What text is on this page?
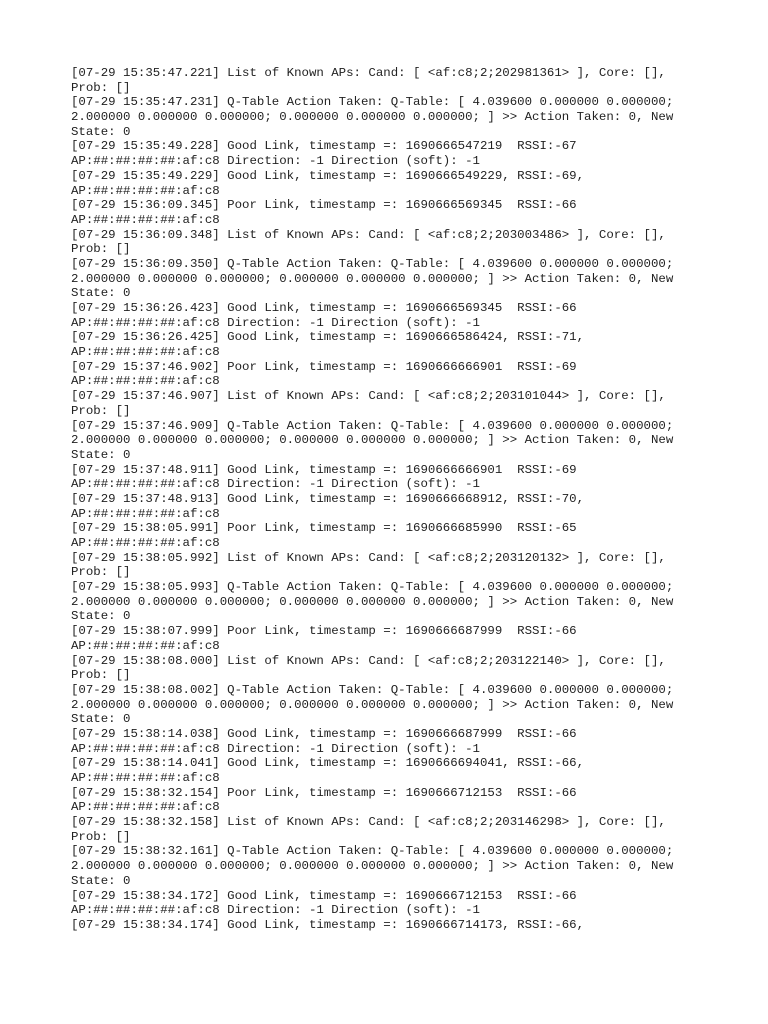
[07-29 15:35:47.221] List of Known APs: Cand: [ <af:c8;2;202981361> ], Core: [],
Prob: []
[07-29 15:35:47.231] Q-Table Action Taken: Q-Table: [ 4.039600 0.000000 0.000000;
2.000000 0.000000 0.000000; 0.000000 0.000000 0.000000; ] >> Action Taken: 0, New
State: 0
[07-29 15:35:49.228] Good Link, timestamp =: 1690666547219  RSSI:-67
AP:##:##:##:##:af:c8 Direction: -1 Direction (soft): -1
[07-29 15:35:49.229] Good Link, timestamp =: 1690666549229, RSSI:-69,
AP:##:##:##:##:af:c8
[07-29 15:36:09.345] Poor Link, timestamp =: 1690666569345  RSSI:-66
AP:##:##:##:##:af:c8
[07-29 15:36:09.348] List of Known APs: Cand: [ <af:c8;2;203003486> ], Core: [],
Prob: []
[07-29 15:36:09.350] Q-Table Action Taken: Q-Table: [ 4.039600 0.000000 0.000000;
2.000000 0.000000 0.000000; 0.000000 0.000000 0.000000; ] >> Action Taken: 0, New
State: 0
[07-29 15:36:26.423] Good Link, timestamp =: 1690666569345  RSSI:-66
AP:##:##:##:##:af:c8 Direction: -1 Direction (soft): -1
[07-29 15:36:26.425] Good Link, timestamp =: 1690666586424, RSSI:-71,
AP:##:##:##:##:af:c8
[07-29 15:37:46.902] Poor Link, timestamp =: 1690666666901  RSSI:-69
AP:##:##:##:##:af:c8
[07-29 15:37:46.907] List of Known APs: Cand: [ <af:c8;2;203101044> ], Core: [],
Prob: []
[07-29 15:37:46.909] Q-Table Action Taken: Q-Table: [ 4.039600 0.000000 0.000000;
2.000000 0.000000 0.000000; 0.000000 0.000000 0.000000; ] >> Action Taken: 0, New
State: 0
[07-29 15:37:48.911] Good Link, timestamp =: 1690666666901  RSSI:-69
AP:##:##:##:##:af:c8 Direction: -1 Direction (soft): -1
[07-29 15:37:48.913] Good Link, timestamp =: 1690666668912, RSSI:-70,
AP:##:##:##:##:af:c8
[07-29 15:38:05.991] Poor Link, timestamp =: 1690666685990  RSSI:-65
AP:##:##:##:##:af:c8
[07-29 15:38:05.992] List of Known APs: Cand: [ <af:c8;2;203120132> ], Core: [],
Prob: []
[07-29 15:38:05.993] Q-Table Action Taken: Q-Table: [ 4.039600 0.000000 0.000000;
2.000000 0.000000 0.000000; 0.000000 0.000000 0.000000; ] >> Action Taken: 0, New
State: 0
[07-29 15:38:07.999] Poor Link, timestamp =: 1690666687999  RSSI:-66
AP:##:##:##:##:af:c8
[07-29 15:38:08.000] List of Known APs: Cand: [ <af:c8;2;203122140> ], Core: [],
Prob: []
[07-29 15:38:08.002] Q-Table Action Taken: Q-Table: [ 4.039600 0.000000 0.000000;
2.000000 0.000000 0.000000; 0.000000 0.000000 0.000000; ] >> Action Taken: 0, New
State: 0
[07-29 15:38:14.038] Good Link, timestamp =: 1690666687999  RSSI:-66
AP:##:##:##:##:af:c8 Direction: -1 Direction (soft): -1
[07-29 15:38:14.041] Good Link, timestamp =: 1690666694041, RSSI:-66,
AP:##:##:##:##:af:c8
[07-29 15:38:32.154] Poor Link, timestamp =: 1690666712153  RSSI:-66
AP:##:##:##:##:af:c8
[07-29 15:38:32.158] List of Known APs: Cand: [ <af:c8;2;203146298> ], Core: [],
Prob: []
[07-29 15:38:32.161] Q-Table Action Taken: Q-Table: [ 4.039600 0.000000 0.000000;
2.000000 0.000000 0.000000; 0.000000 0.000000 0.000000; ] >> Action Taken: 0, New
State: 0
[07-29 15:38:34.172] Good Link, timestamp =: 1690666712153  RSSI:-66
AP:##:##:##:##:af:c8 Direction: -1 Direction (soft): -1
[07-29 15:38:34.174] Good Link, timestamp =: 1690666714173, RSSI:-66,
